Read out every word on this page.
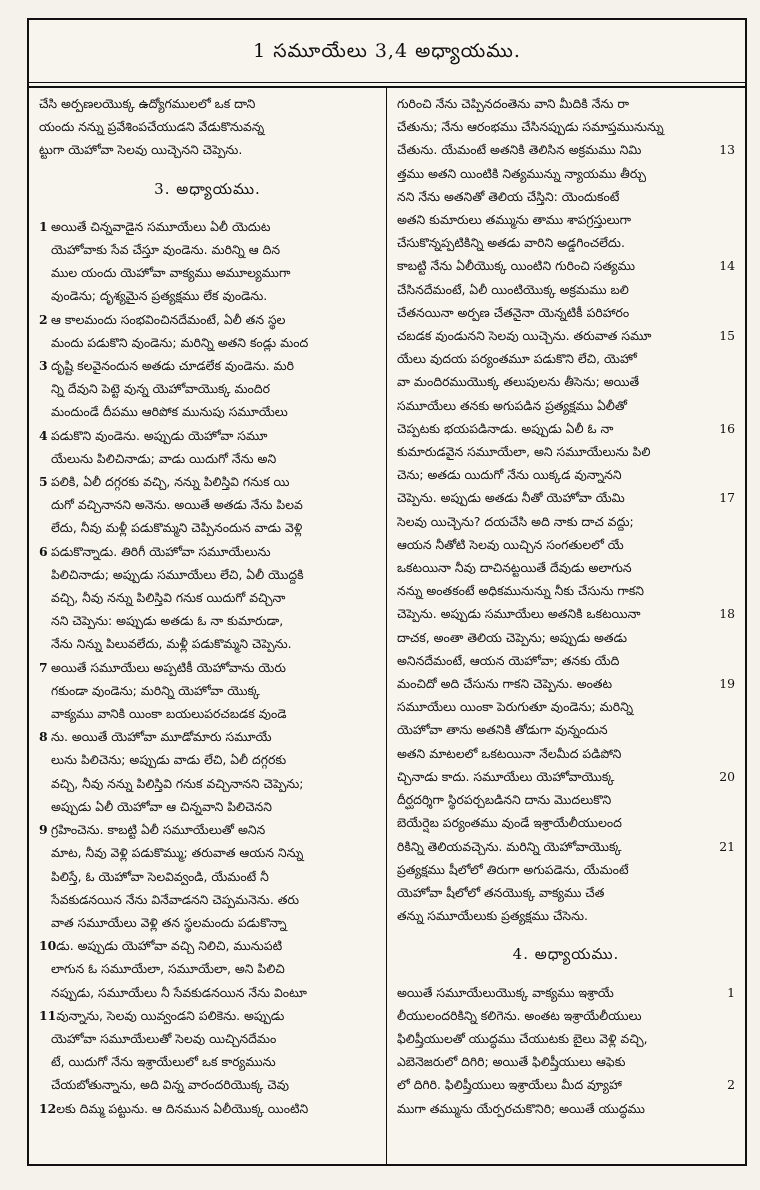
1 సమూయేలు 3,4 అధ్యాయము.
చేసి అర్పణలయొక్క ఉద్యోగములలో ఒక దాని
యందు నన్ను ప్రవేశింపచేయుడని వేడుకొనువన్న
ట్టుగా యెహోవా సెలవు యిచ్చెనని చెప్పెను.
3. అధ్యాయము.
1 అయితే చిన్నవాడైన సమూయేలు ఏలీ యెదుట
యెహోవాకు సేవ చేస్తూ వుండెను. మరిన్ని ఆ దిన
ముల యందు యెహోవా వాక్యము అమూల్యముగా
వుండెను; దృశ్యమైన ప్రత్యక్షము లేక వుండెను.
2 ఆ కాలమందు సంభవించినదేమంటే, ఏలీ తన స్థల
మందు పడుకొని వుండెను; మరిన్ని అతని కండ్లు మంద
3 దృష్టి కలవైనందున అతడు చూడలేక వుండెను. మరి
న్ని దేవుని పెట్టె వున్న యెహోవాయొక్క మందిర
మందుండే దీపము ఆరిపోక మునుపు సమూయేలు
4 పడుకొని వుండెను. అప్పుడు యెహోవా సమూ
యేలును పిలిచినాడు; వాడు యిదుగో నేను అని
5 పలికి, ఏలీ దగ్గరకు వచ్చి, నన్ను పిలిస్తివి గనుక యి
దుగో వచ్చినానని అనెను. అయితే అతడు నేను పిలవ
లేదు, నీవు మళ్లీ పడుకొమ్మని చెప్పినందున వాడు వెళ్లి
6 పడుకొన్నాడు. తిరిగీ యెహోవా సమూయేలును
పిలిచినాడు; అప్పుడు సమూయేలు లేచి, ఏలీ యొద్దకి
వచ్చి, నీవు నన్ను పిలిస్తివి గనుక యిదుగో వచ్చినా
నని చెప్పెను: అప్పుడు అతడు ఓ నా కుమారుడా,
నేను నిన్ను పిలువలేదు, మళ్లీ పడుకొమ్మని చెప్పెను.
7 అయితే సమూయేలు అప్పటికీ యెహోవాను యెరు
గకుండా వుండెను; మరిన్ని యెహోవా యొక్క
వాక్యము వానికి యింకా బయలుపరచబడక వుండె
8 ను. అయితే యెహోవా మూడోమారు సమూయే
లును పిలిచెను; అప్పుడు వాడు లేచి, ఏలీ దగ్గరకు
వచ్చి, నీవు నన్ను పిలిస్తివి గనుక వచ్చినానని చెప్పెను;
అప్పుడు ఏలీ యెహోవా ఆ చిన్నవాని పిలిచెనని
9 గ్రహించెను. కాబట్టి ఏలీ సమూయేలుతో అనిన
మాట, నీవు వెళ్లి పడుకొమ్ము; తరువాత ఆయన నిన్ను
పిలిస్తే, ఓ యెహోవా సెలవివ్వండి, యేమంటే నీ
సేవకుడనయిన నేను వినేవాడనని చెప్పమనెను. తరు
వాత సమూయేలు వెళ్లి తన స్థలమందు పడుకొన్నా
10డు. అప్పుడు యెహోవా వచ్చి నిలిచి, మునుపటి
లాగున ఓ సమూయేలా, సమూయేలా, అని పిలిచి
నప్పుడు, సమూయేలు నీ సేవకుడనయిన నేను వింటూ
11వున్నాను, సెలవు యివ్వండని పలికెను. అప్పుడు
యెహోవా సమూయేలుతో సెలవు యిచ్చినదేమం
టే, యిదుగో నేను ఇశ్రాయేలులో ఒక కార్యమును
చేయబోతున్నాను, అది విన్న వారందరియొక్క చెవు
12లకు దిమ్మ పట్టును. ఆ దినమున ఏలీయొక్క యింటిని
గురించి నేను చెప్పినదంతెను వాని మీదికి నేను రా
చేతును; నేను ఆరంభము చేసినప్పుడు సమాప్తమునున్ను
13
చేతును. యేమంటే అతనికి తెలిసిన అక్రమము నిమి
త్తము అతని యింటికి నిత్యమున్ను న్యాయము తీర్చు
నని నేను అతనితో తెలియ చేస్తిని: యెందుకంటే
అతని కుమారులు తమ్మును తాము శాపగ్రస్తులుగా
చేసుకొన్నప్పటికిన్ని అతడు వారిని అడ్డగించలేదు.
14
కాబట్టి నేను ఏలీయొక్క యింటిని గురించి సత్యము
చేసినదేమంటే, ఏలీ యింటియొక్క అక్రమము బలి
చేతనయినా అర్పణ చేతనైనా యెన్నటికీ పరిహారం
15
చబడక వుండునని సెలవు యిచ్చెను. తరువాత సమూ
యేలు వుదయ పర్యంతమూ పడుకొని లేచి, యెహో
వా మందిరముయొక్క తలుపులను తీసెను; అయితే
సమూయేలు తనకు అగుపడిన ప్రత్యక్షము ఏలీతో
16
చెప్పటకు భయపడినాడు. అప్పుడు ఏలీ ఓ నా
కుమారుడవైన సమూయేలా, అని సమూయేలును పిలి
చెను; అతడు యిదుగో నేను యిక్కడ వున్నానని
17
చెప్పెను. అప్పుడు అతడు నీతో యెహోవా యేమి
సెలవు యిచ్చెను? దయచేసి అది నాకు దాచ వద్దు;
ఆయన నీతోటి సెలవు యిచ్చిన సంగతులలో యే
ఒకటయినా నీవు దాచినట్టయితే దేవుడు అలాగున
నన్ను అంతకంటే అధికమునున్ను నీకు చేసును గాకని
18
చెప్పెను. అప్పుడు సమూయేలు అతనికి ఒకటయినా
దాచక, అంతా తెలియ చెప్పెను; అప్పుడు అతడు
అనినదేమంటే, ఆయన యెహోవా; తనకు యేది
19
మంచిదో అది చేసును గాకని చెప్పెను. అంతట
సమూయేలు యింకా పెరుగుతూ వుండెను; మరిన్ని
యెహోవా తాను అతనికి తోడుగా వున్నందున
అతని మాటలలో ఒకటయినా నేలమీద పడిపోని
20
చ్చినాడు కాదు. సమూయేలు యెహోవాయొక్క
దీర్ఘదర్శిగా స్థిరపర్చబడినని దాను మొదలుకొని
బెయేర్షెబ పర్యంతము వుండే ఇశ్రాయేలీయులంద
21
రికిన్ని తెలియవచ్చెను. మరిన్ని యెహోవాయొక్క
ప్రత్యక్షము షీలోలో తిరుగా అగుపడెను, యేమంటే
యెహోవా షీలోలో తనయొక్క వాక్యము చేత
తన్ను సమూయేలుకు ప్రత్యక్షము చేసెను.
4. అధ్యాయము.
1
అయితే సమూయేలుయొక్క వాక్యము ఇశ్రాయే
లీయులందరికిన్ని కలిగెను. అంతట ఇశ్రాయేలీయులు
ఫిలిష్తీయులతో యుద్ధము చేయుటకు బైలు వెళ్లి వచ్చి,
ఎబెనెజరులో దిగిరి; అయితే ఫిలిష్తీయులు ఆఫెకు
2
లో దిగిరి. ఫిలిష్తీయులు ఇశ్రాయేలు మీద వ్యూహా
ముగా తమ్మును యేర్పరచుకొనిరి; అయితే యుద్ధము
